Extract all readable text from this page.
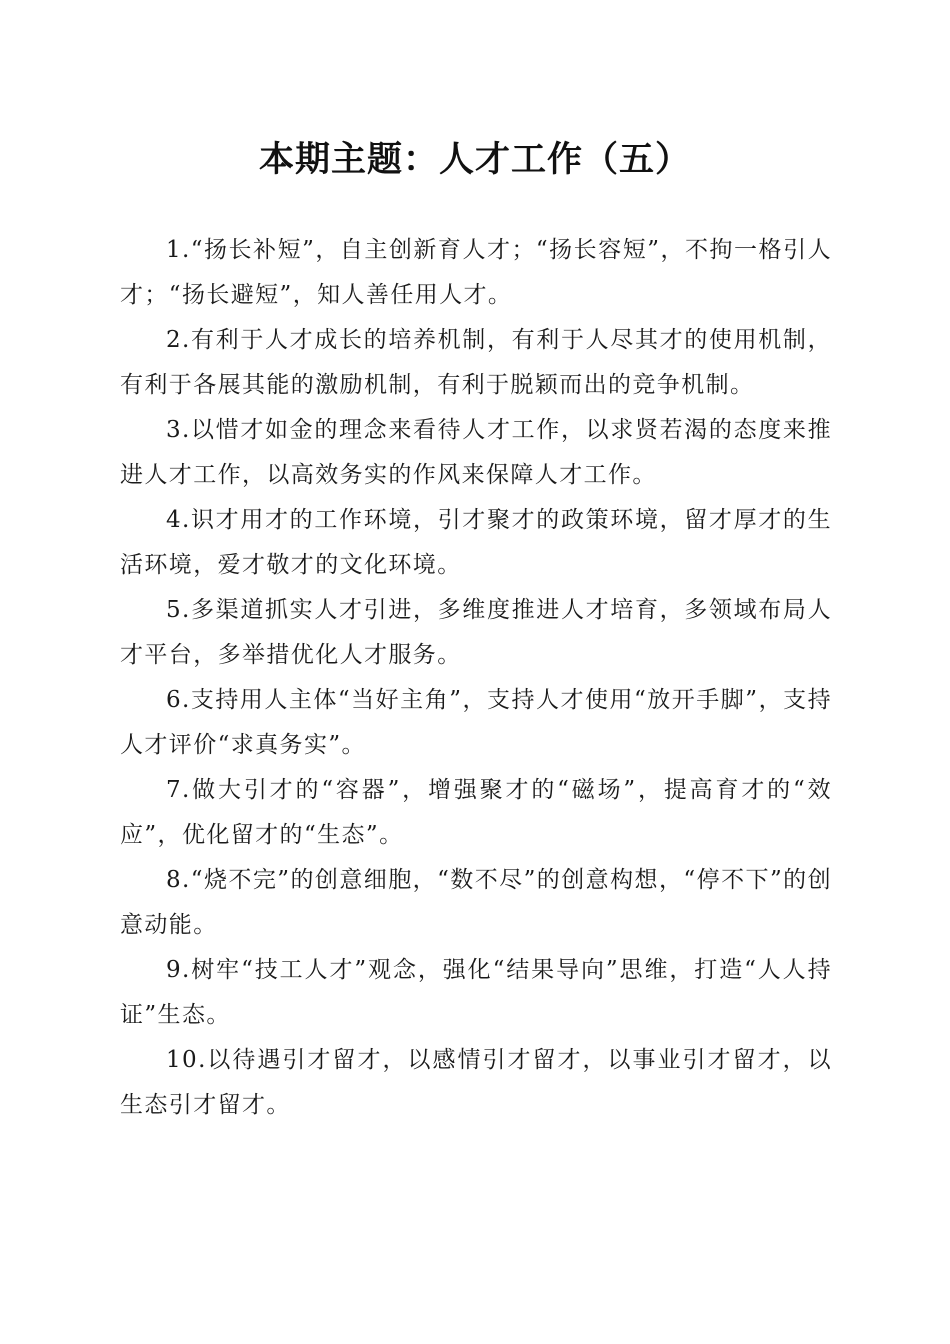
本期主题：人才工作（五）

1.“扬长补短”，自主创新育人才；“扬长容短”，不拘一格引人才；“扬长避短”，知人善任用人才。

2.有利于人才成长的培养机制，有利于人尽其才的使用机制，有利于各展其能的激励机制，有利于脱颖而出的竞争机制。

3.以惜才如金的理念来看待人才工作，以求贤若渴的态度来推进人才工作，以高效务实的作风来保障人才工作。

4.识才用才的工作环境，引才聚才的政策环境，留才厚才的生活环境，爱才敬才的文化环境。

5.多渠道抓实人才引进，多维度推进人才培育，多领域布局人才平台，多举措优化人才服务。

6.支持用人主体“当好主角”，支持人才使用“放开手脚”，支持人才评价“求真务实”。

7.做大引才的“容器”，增强聚才的“磁场”，提高育才的“效应”，优化留才的“生态”。

8.“烧不完”的创意细胞，“数不尽”的创意构想，“停不下”的创意动能。

9.树牢“技工人才”观念，强化“结果导向”思维，打造“人人持证”生态。

10.以待遇引才留才，以感情引才留才，以事业引才留才，以生态引才留才。
